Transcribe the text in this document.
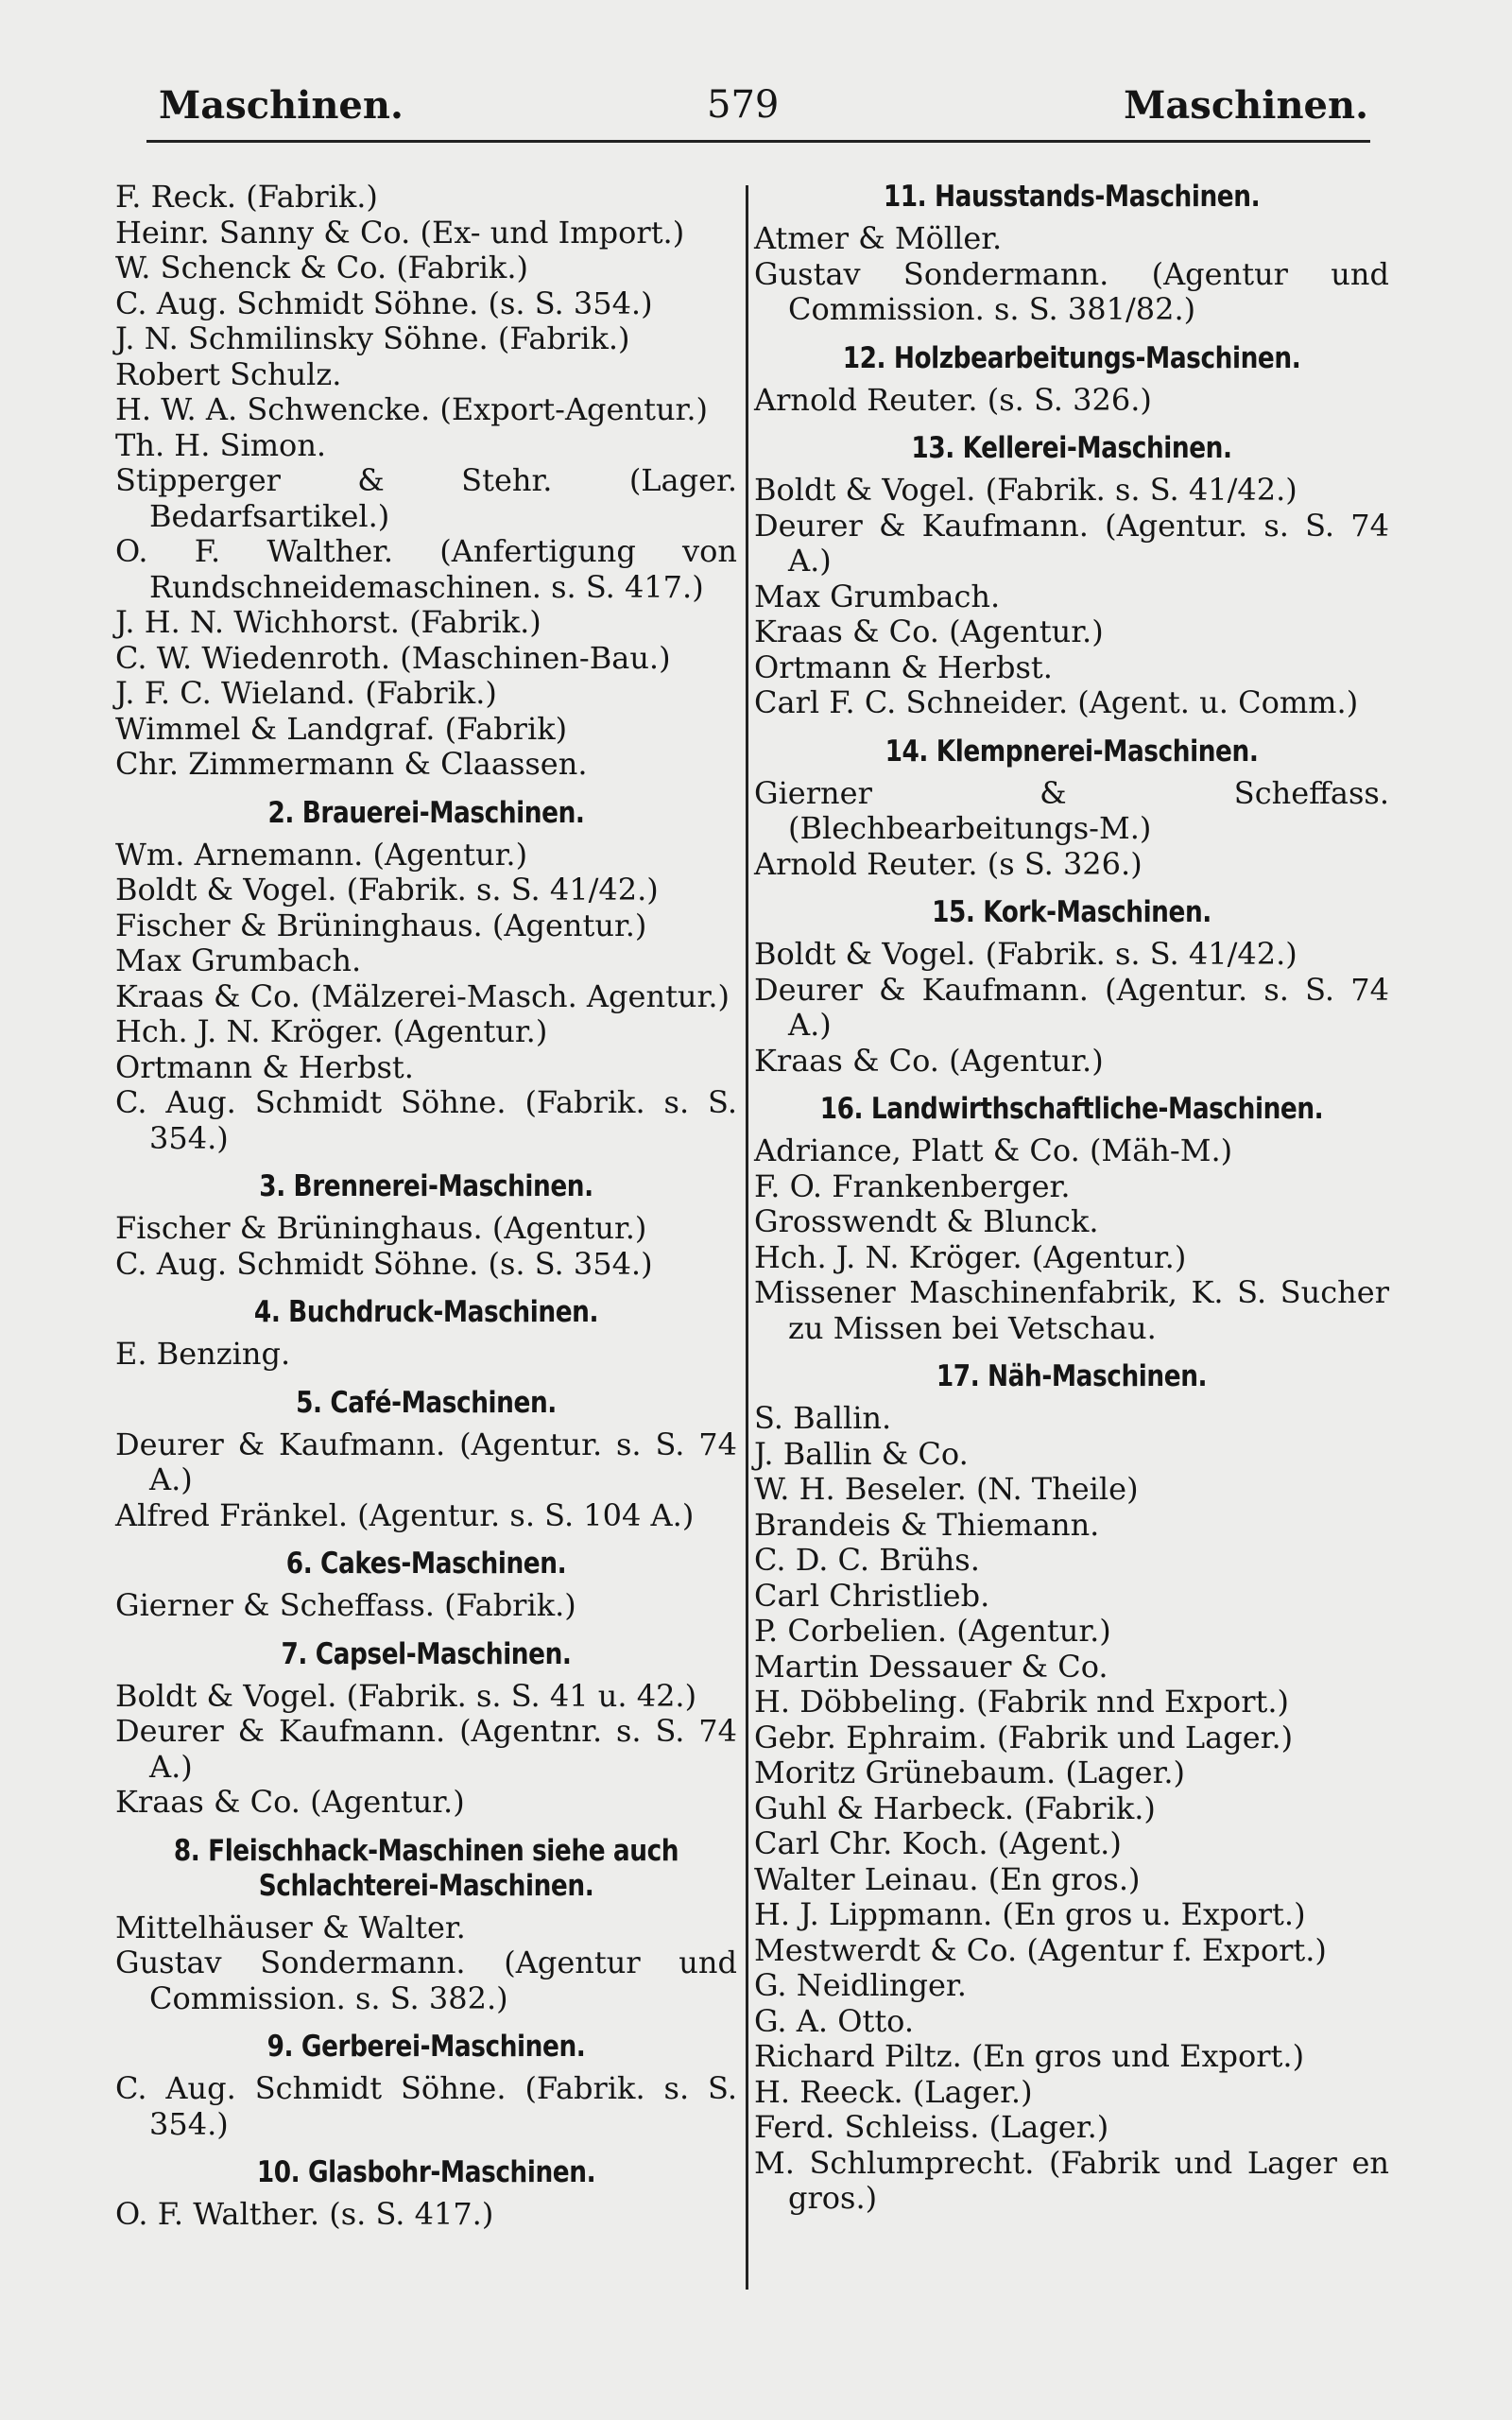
Maschinen.	579	Maschinen.
F. Reck. (Fabrik.)
Heinr. Sanny & Co. (Ex- und Import.)
W. Schenck & Co. (Fabrik.)
C. Aug. Schmidt Söhne. (s. S. 354.)
J. N. Schmilinsky Söhne. (Fabrik.)
Robert Schulz.
H. W. A. Schwencke. (Export-Agentur.)
Th. H. Simon.
Stipperger & Stehr. (Lager. Bedarfsartikel.)
O. F. Walther. (Anfertigung von Rundschneidemaschinen. s. S. 417.)
J. H. N. Wichhorst. (Fabrik.)
C. W. Wiedenroth. (Maschinen-Bau.)
J. F. C. Wieland. (Fabrik.)
Wimmel & Landgraf. (Fabrik)
Chr. Zimmermann & Claassen.
2. Brauerei-Maschinen.
Wm. Arnemann. (Agentur.)
Boldt & Vogel. (Fabrik. s. S. 41/42.)
Fischer & Brüninghaus. (Agentur.)
Max Grumbach.
Kraas & Co. (Mälzerei-Masch. Agentur.)
Hch. J. N. Kröger. (Agentur.)
Ortmann & Herbst.
C. Aug. Schmidt Söhne. (Fabrik. s. S. 354.)
3. Brennerei-Maschinen.
Fischer & Brüninghaus. (Agentur.)
C. Aug. Schmidt Söhne. (s. S. 354.)
4. Buchdruck-Maschinen.
E. Benzing.
5. Café-Maschinen.
Deurer & Kaufmann. (Agentur. s. S. 74 A.)
Alfred Fränkel. (Agentur. s. S. 104 A.)
6. Cakes-Maschinen.
Gierner & Scheffass. (Fabrik.)
7. Capsel-Maschinen.
Boldt & Vogel. (Fabrik. s. S. 41 u. 42.)
Deurer & Kaufmann. (Agentnr. s. S. 74 A.)
Kraas & Co. (Agentur.)
8. Fleischhack-Maschinen siehe auch Schlachterei-Maschinen.
Mittelhäuser & Walter.
Gustav Sondermann. (Agentur und Commission. s. S. 382.)
9. Gerberei-Maschinen.
C. Aug. Schmidt Söhne. (Fabrik. s. S. 354.)
10. Glasbohr-Maschinen.
O. F. Walther. (s. S. 417.)
11. Hausstands-Maschinen.
Atmer & Möller.
Gustav Sondermann. (Agentur und Commission. s. S. 381/82.)
12. Holzbearbeitungs-Maschinen.
Arnold Reuter. (s. S. 326.)
13. Kellerei-Maschinen.
Boldt & Vogel. (Fabrik. s. S. 41/42.)
Deurer & Kaufmann. (Agentur. s. S. 74 A.)
Max Grumbach.
Kraas & Co. (Agentur.)
Ortmann & Herbst.
Carl F. C. Schneider. (Agent. u. Comm.)
14. Klempnerei-Maschinen.
Gierner & Scheffass. (Blechbearbeitungs-M.)
Arnold Reuter. (s S. 326.)
15. Kork-Maschinen.
Boldt & Vogel. (Fabrik. s. S. 41/42.)
Deurer & Kaufmann. (Agentur. s. S. 74 A.)
Kraas & Co. (Agentur.)
16. Landwirthschaftliche-Maschinen.
Adriance, Platt & Co. (Mäh-M.)
F. O. Frankenberger.
Grosswendt & Blunck.
Hch. J. N. Kröger. (Agentur.)
Missener Maschinenfabrik, K. S. Sucher zu Missen bei Vetschau.
17. Näh-Maschinen.
S. Ballin.
J. Ballin & Co.
W. H. Beseler. (N. Theile)
Brandeis & Thiemann.
C. D. C. Brühs.
Carl Christlieb.
P. Corbelien. (Agentur.)
Martin Dessauer & Co.
H. Döbbeling. (Fabrik nnd Export.)
Gebr. Ephraim. (Fabrik und Lager.)
Moritz Grünebaum. (Lager.)
Guhl & Harbeck. (Fabrik.)
Carl Chr. Koch. (Agent.)
Walter Leinau. (En gros.)
H. J. Lippmann. (En gros u. Export.)
Mestwerdt & Co. (Agentur f. Export.)
G. Neidlinger.
G. A. Otto.
Richard Piltz. (En gros und Export.)
H. Reeck. (Lager.)
Ferd. Schleiss. (Lager.)
M. Schlumprecht. (Fabrik und Lager en gros.)
